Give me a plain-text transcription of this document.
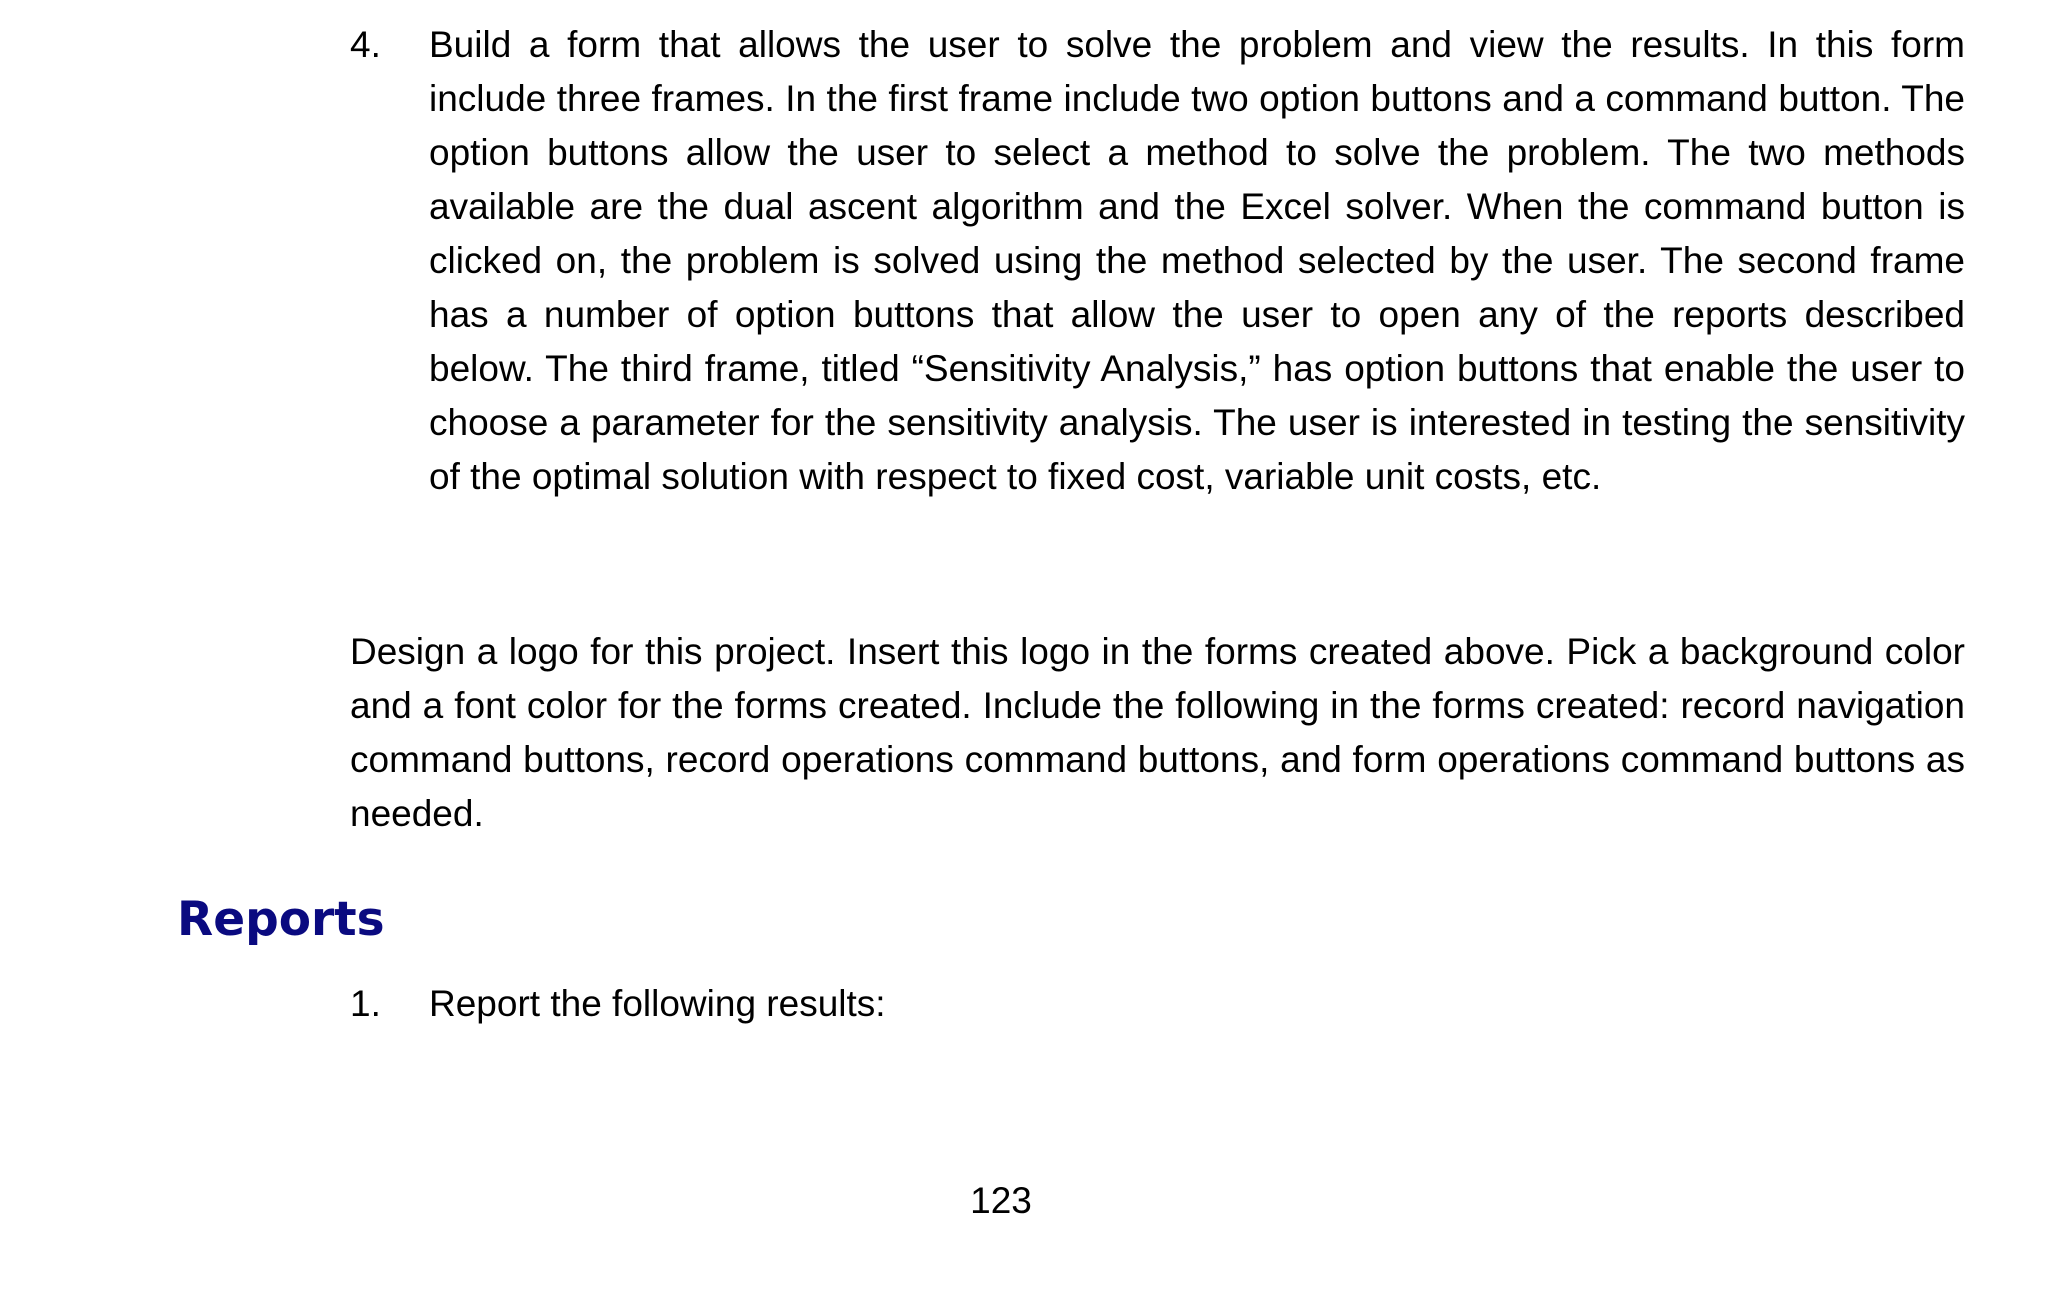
4. Build a form that allows the user to solve the problem and view the results. In this form include three frames. In the first frame include two option buttons and a command button. The option buttons allow the user to select a method to solve the problem. The two methods available are the dual ascent algorithm and the Excel solver. When the command button is clicked on, the problem is solved using the method selected by the user. The second frame has a number of option buttons that allow the user to open any of the reports described below. The third frame, titled “Sensitivity Analysis,” has option buttons that enable the user to choose a parameter for the sensitivity analysis. The user is interested in testing the sensitivity of the optimal solution with respect to fixed cost, variable unit costs, etc.

Design a logo for this project. Insert this logo in the forms created above. Pick a background color and a font color for the forms created. Include the following in the forms created: record navigation command buttons, record operations command buttons, and form operations command buttons as needed.

Reports
1. Report the following results:
123
